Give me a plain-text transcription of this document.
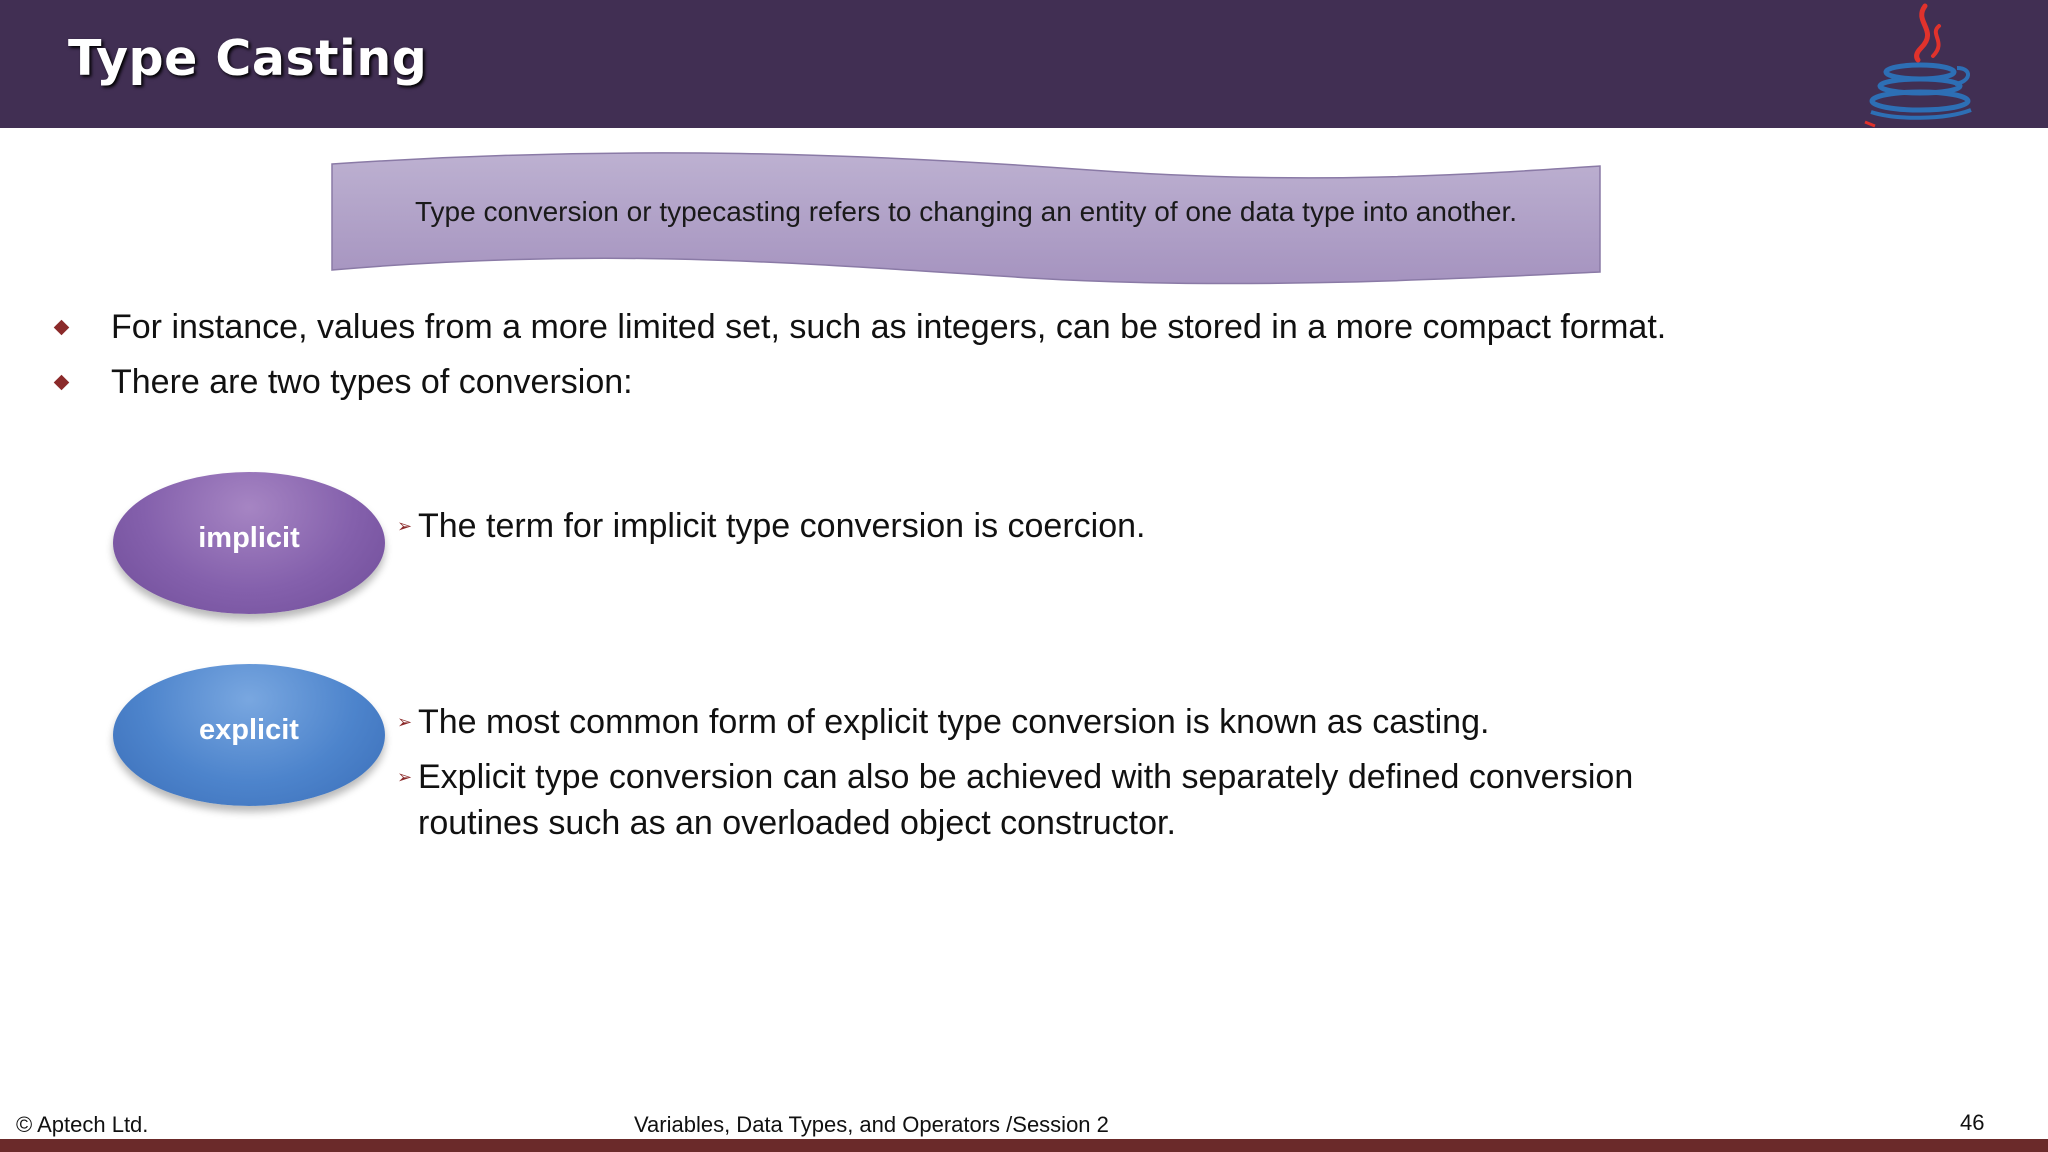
Type Casting
Type conversion or typecasting refers to changing an entity of one data type into another.
For instance, values from a more limited set, such as integers, can be stored in a more compact format.
There are two types of conversion:
implicit	➢ The term for implicit type conversion is coercion.
explicit	➢ The most common form of explicit type conversion is known as casting.
➢ Explicit type conversion can also be achieved with separately defined conversion routines such as an overloaded object constructor.
© Aptech Ltd.	Variables, Data Types, and Operators /Session 2	46
